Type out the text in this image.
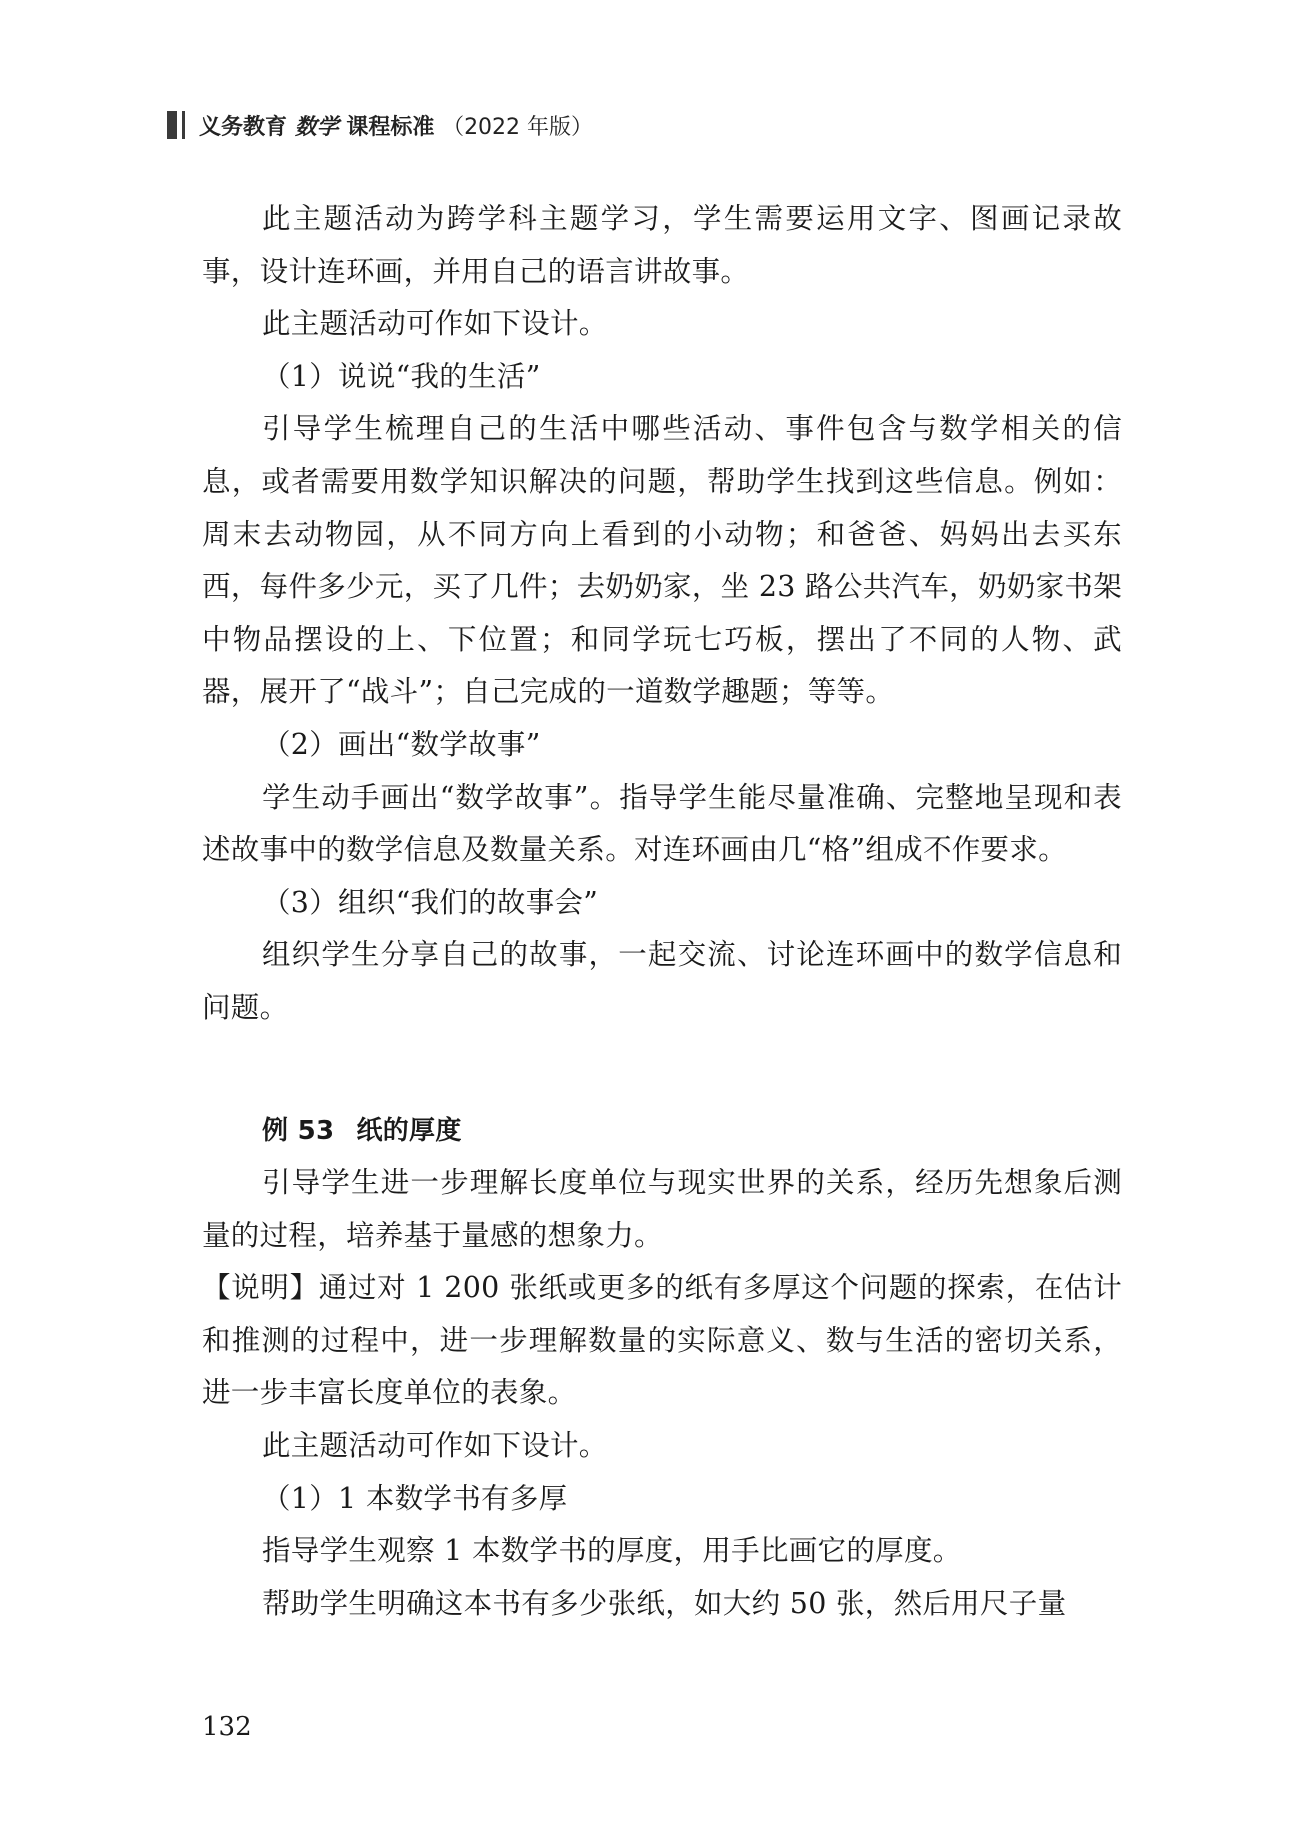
义务教育 数学 课程标准 （2022 年版）

此主题活动为跨学科主题学习，学生需要运用文字、图画记录故事，设计连环画，并用自己的语言讲故事。

此主题活动可作如下设计。

（1）说说“我的生活”

引导学生梳理自己的生活中哪些活动、事件包含与数学相关的信息，或者需要用数学知识解决的问题，帮助学生找到这些信息。例如：周末去动物园，从不同方向上看到的小动物；和爸爸、妈妈出去买东西，每件多少元，买了几件；去奶奶家，坐 23 路公共汽车，奶奶家书架中物品摆设的上、下位置；和同学玩七巧板，摆出了不同的人物、武器，展开了“战斗”；自己完成的一道数学趣题；等等。

（2）画出“数学故事”

学生动手画出“数学故事”。指导学生能尽量准确、完整地呈现和表述故事中的数学信息及数量关系。对连环画由几“格”组成不作要求。

（3）组织“我们的故事会”

组织学生分享自己的故事，一起交流、讨论连环画中的数学信息和问题。

例 53 纸的厚度

引导学生进一步理解长度单位与现实世界的关系，经历先想象后测量的过程，培养基于量感的想象力。

【说明】通过对 1 200 张纸或更多的纸有多厚这个问题的探索，在估计和推测的过程中，进一步理解数量的实际意义、数与生活的密切关系，进一步丰富长度单位的表象。

此主题活动可作如下设计。

（1）1 本数学书有多厚

指导学生观察 1 本数学书的厚度，用手比画它的厚度。

帮助学生明确这本书有多少张纸，如大约 50 张，然后用尺子量

132
